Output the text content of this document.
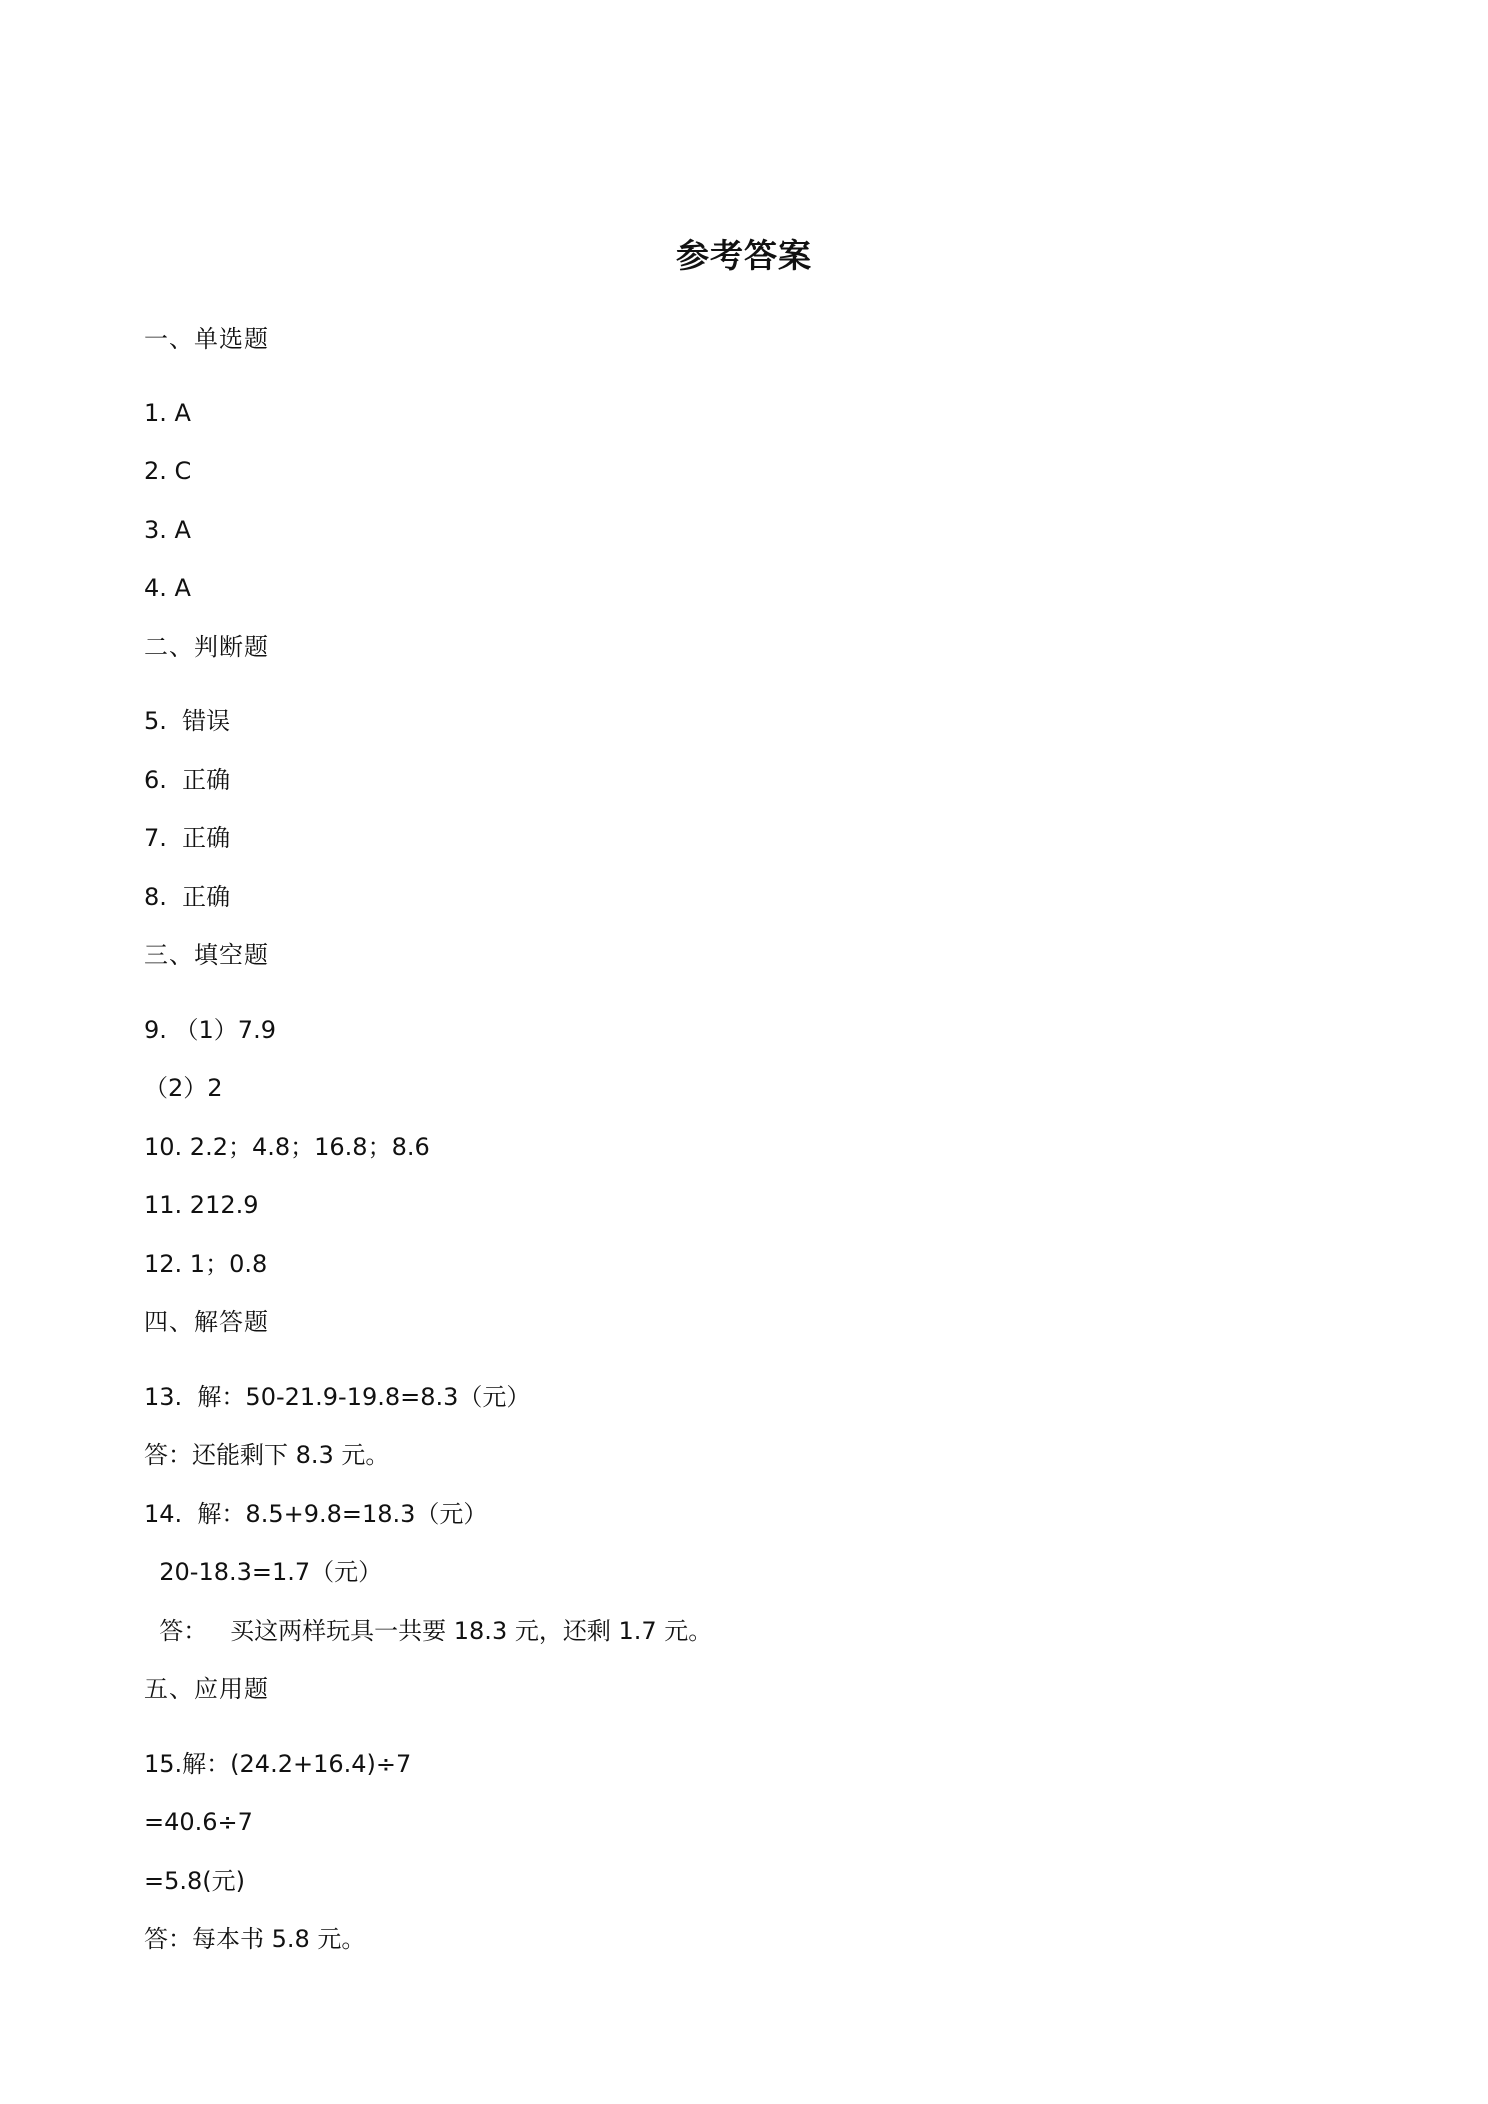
参考答案
一、单选题
1. A
2. C
3. A
4. A
二、判断题
5.  错误
6.  正确
7.  正确
8.  正确
三、填空题
9. （1）7.9
（2）2
10. 2.2；4.8；16.8；8.6
11. 212.9
12. 1；0.8
四、解答题
13.  解：50-21.9-19.8=8.3（元）
答：还能剩下 8.3 元。
14.  解：8.5+9.8=18.3（元）
20-18.3=1.7（元）
答：   买这两样玩具一共要 18.3 元，还剩 1.7 元。
五、应用题
15.解：(24.2+16.4)÷7
=40.6÷7
=5.8(元)
答：每本书 5.8 元。
